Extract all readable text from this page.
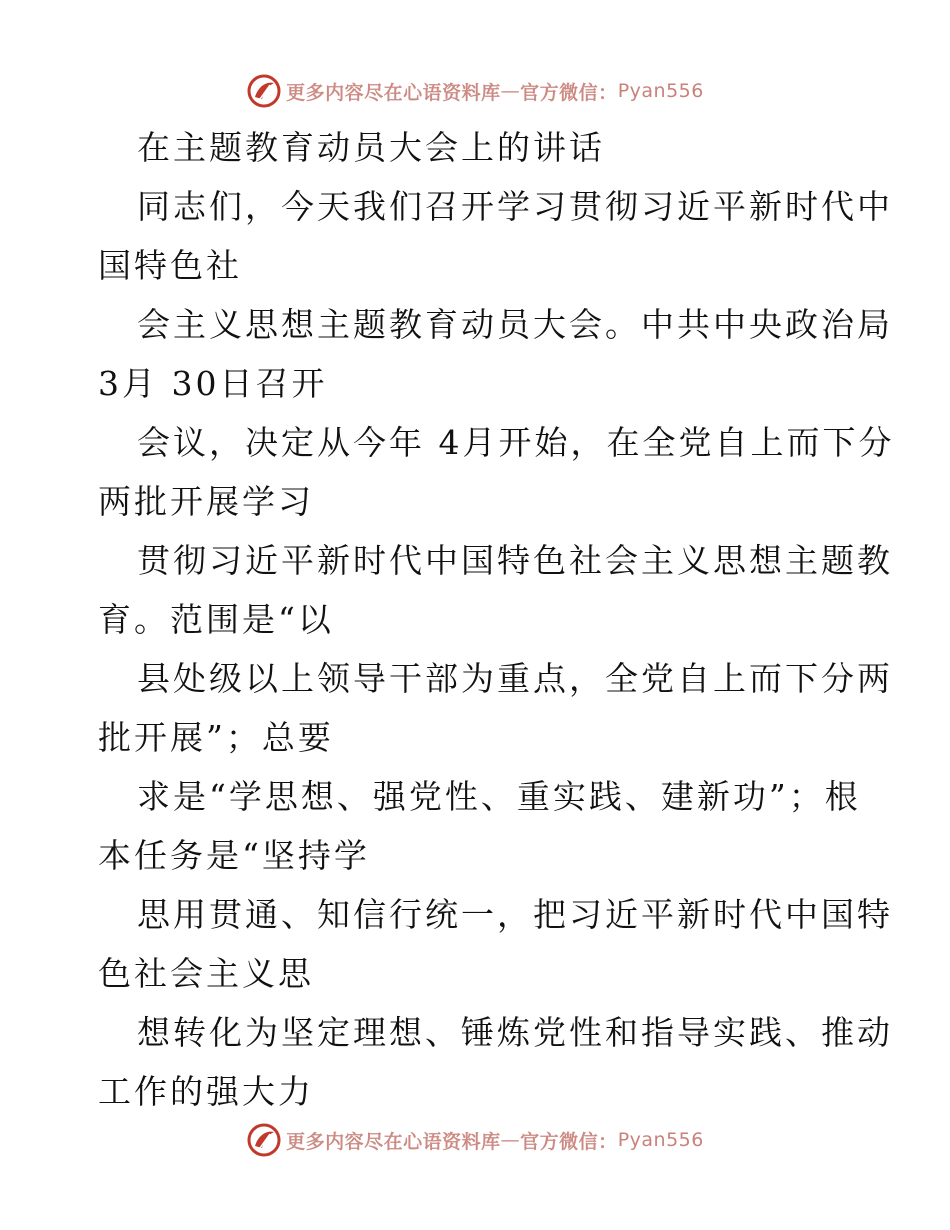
更多内容尽在心语资料库 — 官方微信： Pyan556
在主题教育动员大会上的讲话
同志们，今天我们召开学习贯彻习近平新时代中
国特色社
会主义思想主题教育动员大会。中共中央政治局
3月 30日召开
会议，决定从今年 4月开始，在全党自上而下分
两批开展学习
贯彻习近平新时代中国特色社会主义思想主题教
育。范围是“以
县处级以上领导干部为重点，全党自上而下分两
批开展”；总要
求是“学思想、强党性、重实践、建新功”；根
本任务是“坚持学
思用贯通、知信行统一，把习近平新时代中国特
色社会主义思
想转化为坚定理想、锤炼党性和指导实践、推动
工作的强大力
更多内容尽在心语资料库 — 官方微信： Pyan556
